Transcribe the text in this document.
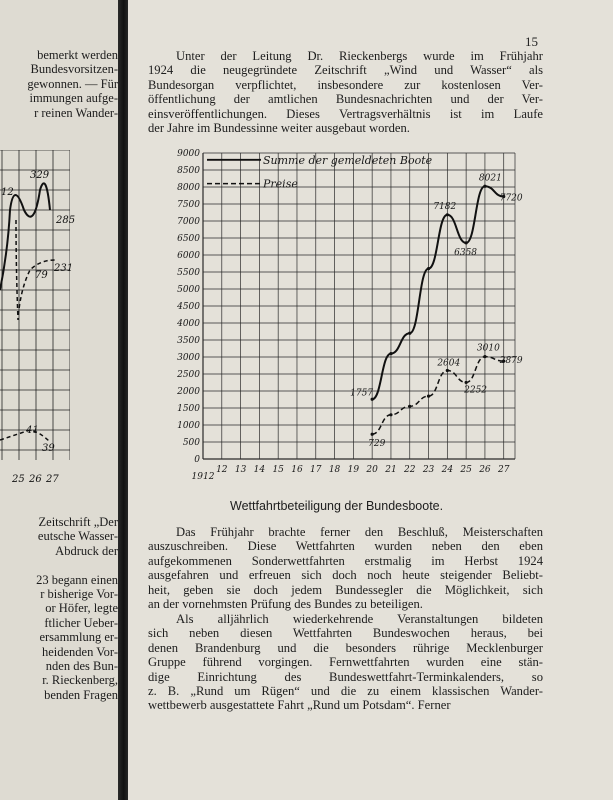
bemerkt werden
Bundesvorsitzen-
gewonnen. — Für
immungen aufge-
r reinen Wander-
12
329
285
79
231
41
39
25 26 27
Zeitschrift „Der
eutsche Wasser-
Abdruck der
23 begann einen
r bisherige Vor-
or Höfer, legte
ftlicher Ueber-
ersammlung er-
heidenden Vor-
nden des Bun-
r. Rieckenberg,
benden Fragen
15
Unter der Leitung Dr. Rieckenbergs wurde im Frühjahr
1924 die neugegründete Zeitschrift „Wind und Wasser“ als
Bundesorgan verpflichtet, insbesondere zur kostenlosen Ver-
öffentlichung der amtlichen Bundesnachrichten und der Ver-
einsveröffentlichungen. Dieses Vertragsverhältnis ist im Laufe
der Jahre im Bundessinne weiter ausgebaut worden.
0
500
1000
1500
2000
2500
3000
3500
4000
4500
5000
5500
6000
6500
7000
7500
8000
8500
9000
1912
12 13 14 15 16 17 18 19 20 21 22 23 24 25 26 27
1757
7182
6358
8021
7720
729
2604
2252
3010
2879
Summe der gemeldeten Boote
Preise
Wettfahrtbeteiligung der Bundesboote.
Das Frühjahr brachte ferner den Beschluß, Meisterschaften
auszuschreiben. Diese Wettfahrten wurden neben den eben
aufgekommenen Sonderwettfahrten erstmalig im Herbst 1924
ausgefahren und erfreuen sich doch noch heute steigender Beliebt-
heit, geben sie doch jedem Bundessegler die Möglichkeit, sich
an der vornehmsten Prüfung des Bundes zu beteiligen.
Als alljährlich wiederkehrende Veranstaltungen bildeten
sich neben diesen Wettfahrten Bundeswochen heraus, bei
denen Brandenburg und die besonders rührige Mecklenburger
Gruppe führend vorgingen. Fernwettfahrten wurden eine stän-
dige Einrichtung des Bundeswettfahrt-Terminkalenders, so
z. B. „Rund um Rügen“ und die zu einem klassischen Wander-
wettbewerb ausgestattete Fahrt „Rund um Potsdam“. Ferner
